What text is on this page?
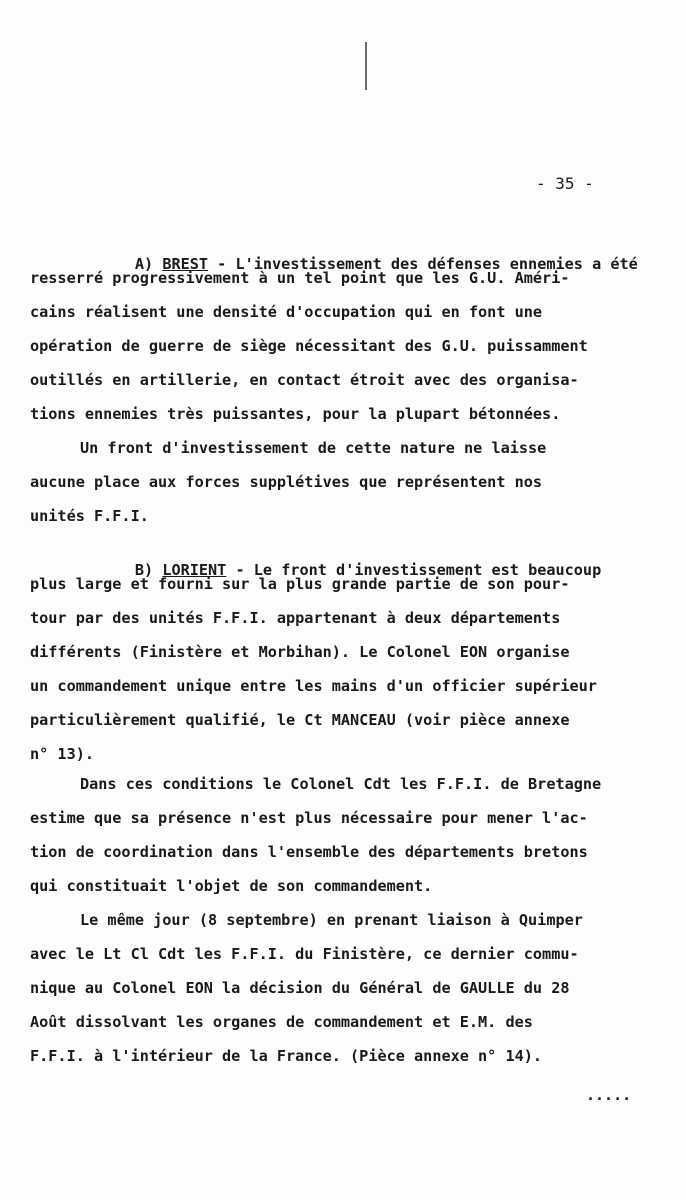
- 35 -

A) BREST - L'investissement des défenses ennemies a été

resserré progressivement à un tel point que les G.U. Améri-
cains réalisent une densité d'occupation qui en font une
opération de guerre de siège nécessitant des G.U. puissamment
outillés en artillerie, en contact étroit avec des organisa-
tions ennemies très puissantes, pour la plupart bétonnées.
Un front d'investissement de cette nature ne laisse
aucune place aux forces supplétives que représentent nos
unités F.F.I.

B) LORIENT - Le front d'investissement est beaucoup

plus large et fourni sur la plus grande partie de son pour-
tour par des unités F.F.I. appartenant à deux départements
différents (Finistère et Morbihan). Le Colonel EON organise
un commandement unique entre les mains d'un officier supérieur
particulièrement qualifié, le Ct MANCEAU (voir pièce annexe
n° 13).
Dans ces conditions le Colonel Cdt les F.F.I. de Bretagne
estime que sa présence n'est plus nécessaire pour mener l'ac-
tion de coordination dans l'ensemble des départements bretons
qui constituait l'objet de son commandement.
Le même jour (8 septembre) en prenant liaison à Quimper
avec le Lt Cl Cdt les F.F.I. du Finistère, ce dernier commu-
nique au Colonel EON la décision du Général de GAULLE du 28
Août dissolvant les organes de commandement et E.M. des
F.F.I. à l'intérieur de la France. (Pièce annexe n° 14).
.....
